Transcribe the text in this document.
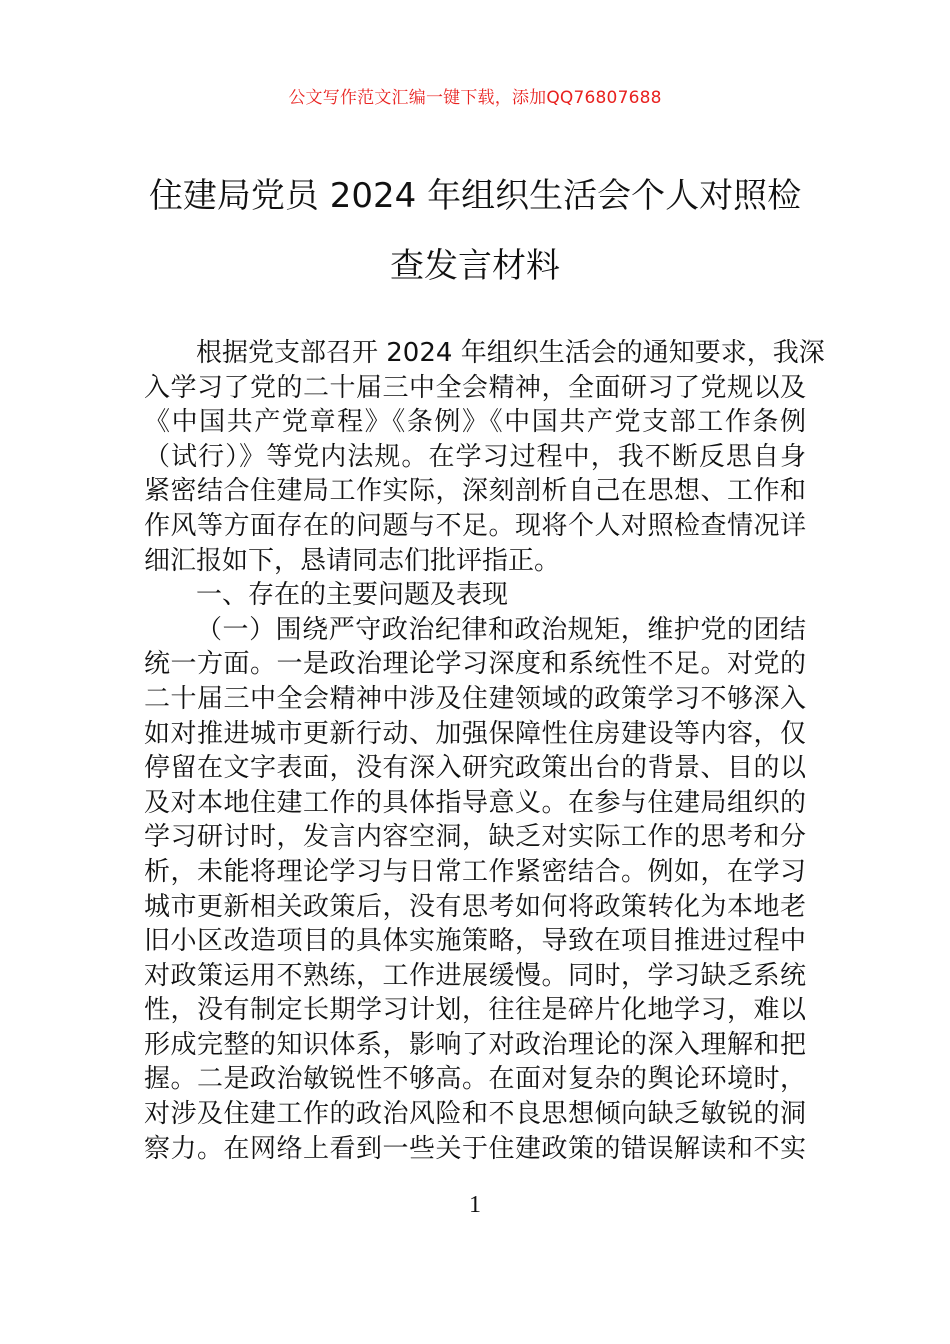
公文写作范文汇编一键下载，添加QQ76807688
住建局党员 2024 年组织生活会个人对照检
查发言材料
根据党支部召开 2024 年组织生活会的通知要求，我深
入学习了党的二十届三中全会精神，全面研习了党规以及
《中国共产党章程》《条例》《中国共产党支部工作条例
（试行）》等党内法规。在学习过程中，我不断反思自身
紧密结合住建局工作实际，深刻剖析自己在思想、工作和
作风等方面存在的问题与不足。现将个人对照检查情况详
细汇报如下，恳请同志们批评指正。
一、存在的主要问题及表现
（一）围绕严守政治纪律和政治规矩，维护党的团结
统一方面。一是政治理论学习深度和系统性不足。对党的
二十届三中全会精神中涉及住建领域的政策学习不够深入
如对推进城市更新行动、加强保障性住房建设等内容，仅
停留在文字表面，没有深入研究政策出台的背景、目的以
及对本地住建工作的具体指导意义。在参与住建局组织的
学习研讨时，发言内容空洞，缺乏对实际工作的思考和分
析，未能将理论学习与日常工作紧密结合。例如，在学习
城市更新相关政策后，没有思考如何将政策转化为本地老
旧小区改造项目的具体实施策略，导致在项目推进过程中
对政策运用不熟练，工作进展缓慢。同时，学习缺乏系统
性，没有制定长期学习计划，往往是碎片化地学习，难以
形成完整的知识体系，影响了对政治理论的深入理解和把
握。二是政治敏锐性不够高。在面对复杂的舆论环境时，
对涉及住建工作的政治风险和不良思想倾向缺乏敏锐的洞
察力。在网络上看到一些关于住建政策的错误解读和不实
1
